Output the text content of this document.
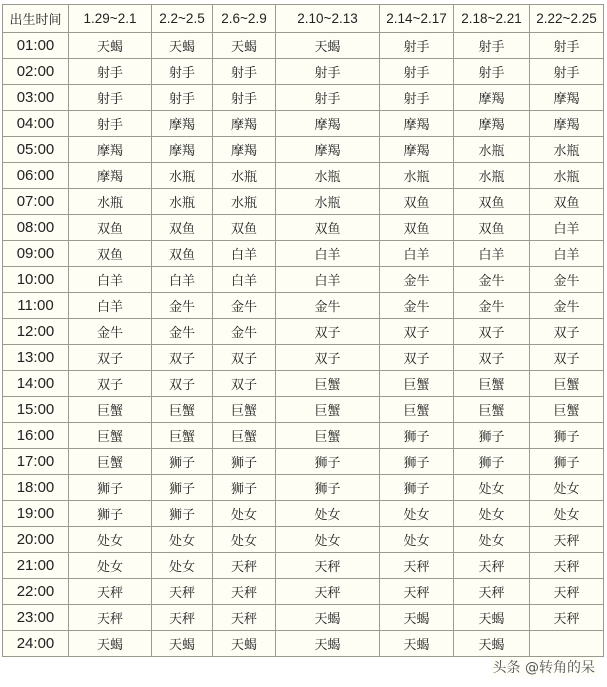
出生时间	1.29~2.1	2.2~2.5	2.6~2.9	2.10~2.13	2.14~2.17	2.18~2.21	2.22~2.25
01:00	天蝎	天蝎	天蝎	天蝎	射手	射手	射手
02:00	射手	射手	射手	射手	射手	射手	射手
03:00	射手	射手	射手	射手	射手	摩羯	摩羯
04:00	射手	摩羯	摩羯	摩羯	摩羯	摩羯	摩羯
05:00	摩羯	摩羯	摩羯	摩羯	摩羯	水瓶	水瓶
06:00	摩羯	水瓶	水瓶	水瓶	水瓶	水瓶	水瓶
07:00	水瓶	水瓶	水瓶	水瓶	双鱼	双鱼	双鱼
08:00	双鱼	双鱼	双鱼	双鱼	双鱼	双鱼	白羊
09:00	双鱼	双鱼	白羊	白羊	白羊	白羊	白羊
10:00	白羊	白羊	白羊	白羊	金牛	金牛	金牛
11:00	白羊	金牛	金牛	金牛	金牛	金牛	金牛
12:00	金牛	金牛	金牛	双子	双子	双子	双子
13:00	双子	双子	双子	双子	双子	双子	双子
14:00	双子	双子	双子	巨蟹	巨蟹	巨蟹	巨蟹
15:00	巨蟹	巨蟹	巨蟹	巨蟹	巨蟹	巨蟹	巨蟹
16:00	巨蟹	巨蟹	巨蟹	巨蟹	狮子	狮子	狮子
17:00	巨蟹	狮子	狮子	狮子	狮子	狮子	狮子
18:00	狮子	狮子	狮子	狮子	狮子	处女	处女
19:00	狮子	狮子	处女	处女	处女	处女	处女
20:00	处女	处女	处女	处女	处女	处女	天秤
21:00	处女	处女	天秤	天秤	天秤	天秤	天秤
22:00	天秤	天秤	天秤	天秤	天秤	天秤	天秤
23:00	天秤	天秤	天秤	天蝎	天蝎	天蝎	天秤
24:00	天蝎	天蝎	天蝎	天蝎	天蝎	天蝎	
头条 @转角的呆
